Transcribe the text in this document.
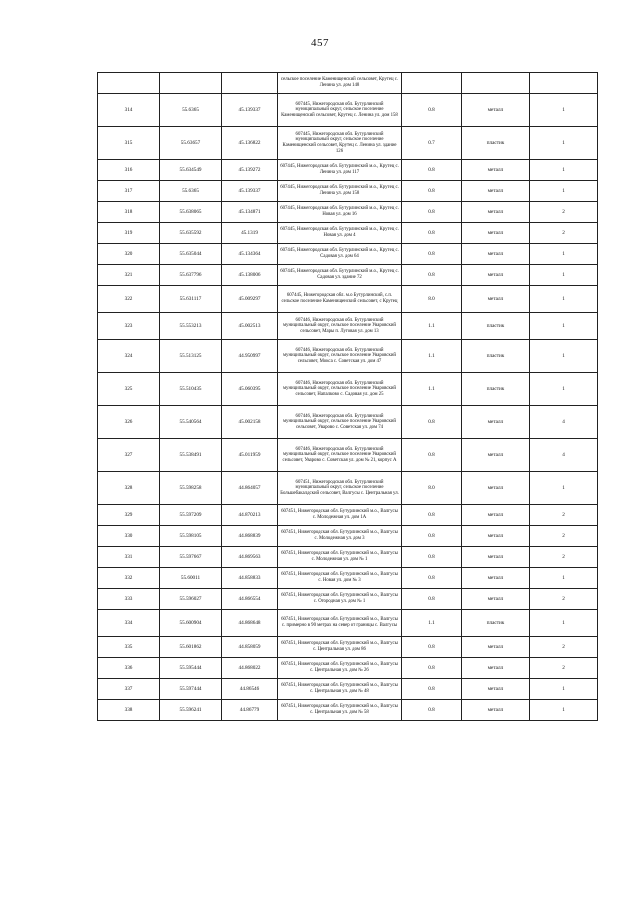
457
			сельское поселение Каменищенский сельсовет, Крутец с. Ленина ул. дом 148			
314	55.6365	45.139337	607445, Нижегородская обл. Бутурлинский муниципальный округ, сельское поселение Каменищенский сельсовет, Крутец с. Ленина ул. дом 158	0.8	металл	1
315	55.63657	45.136822	607445, Нижегородская обл. Бутурлинский муниципальный округ, сельское поселение Каменищенский сельсовет, Крутец с. Ленина ул. здание 126	0.7	пластик	1
316	55.634549	45.139272	607445, Нижегородская обл. Бутурлинский м.о., Крутец с. Ленина ул. дом 117	0.8	металл	1
317	55.6365	45.139337	607445, Нижегородская обл. Бутурлинский м.о., Крутец с. Ленина ул. дом 158	0.8	металл	1
318	55.638065	45.134871	607445, Нижегородская обл. Бутурлинский м.о., Крутец с. Новая ул. дом 16	0.8	металл	2
319	55.635592	45.1319	607445, Нижегородская обл. Бутурлинский м.о., Крутец с. Новая ул. дом 4	0.8	металл	2
320	55.635044	45.134364	607445, Нижегородская обл. Бутурлинский м.о., Крутец с. Садовая ул. дом 64	0.8	металл	1
321	55.637796	45.138006	607445, Нижегородская обл. Бутурлинский м.о., Крутец с. Садовая ул. здание 72	0.8	металл	1
322	55.631117	45.009297	607445, Нижегородская обл. м.о Бутурлинский, с.п. сельское поселение Каменищенский сельсовет, с Крутец	8.0	металл	1
323	55.553213	45.002513	607446, Нижегородская обл. Бутурлинский муниципальный округ, сельское поселение Уваровский сельсовет, Мары п. Луговая ул. дом 13	1.1	пластик	1
324	55.513125	44.950997	607446, Нижегородская обл. Бутурлинский муниципальный округ, сельское поселение Уваровский сельсовет, Мокса с. Советская ул. дом 47	1.1	пластик	1
325	55.510435	45.060395	607446, Нижегородская обл. Бутурлинский муниципальный округ, сельское поселение Уваровский сельсовет, Напалково с. Садовая ул. дом 25	1.1	пластик	1
326	55.540564	45.002158	607446, Нижегородская обл. Бутурлинский муниципальный округ, сельское поселение Уваровский сельсовет, Уварово с. Советская ул. дом 74	0.8	металл	4
327	55.538491	45.011959	607446, Нижегородская обл. Бутурлинский муниципальный округ, сельское поселение Уваровский сельсовет, Уварово с. Советская ул. дом № 21, корпус А	0.8	металл	4
328	55.598258	44.864057	607451, Нижегородская обл. Бутурлинский муниципальный округ, сельское поселение Большебакалдский сельсовет, Валгусы с. Центральная ул.	8.0	металл	1
329	55.597209	44.870213	607451, Нижегородская обл. Бутурлинский м.о., Валгусы с. Молодежная ул. дом 1А	0.8	металл	2
330	55.598105	44.868839	607451, Нижегородская обл. Бутурлинский м.о., Валгусы с. Молодежная ул. дом 3	0.8	металл	2
331	55.597667	44.869563	607451, Нижегородская обл. Бутурлинский м.о., Валгусы с. Молодежная ул. дом № 1	0.8	металл	2
332	55.60011	44.858833	607451, Нижегородская обл. Бутурлинский м.о., Валгусы с. Новая ул. дом № 3	0.8	металл	1
333	55.596027	44.866554	607451, Нижегородская обл. Бутурлинский м.о., Валгусы с. Огородная ул. дом № 1	0.8	металл	2
334	55.600904	44.868648	607451, Нижегородская обл. Бутурлинский м.о., Валгусы с. примерно в 90 метрах на север от границы с. Валгусы	1.1	пластик	1
335	55.601862	44.858059	607451, Нижегородская обл. Бутурлинский м.о., Валгусы с. Центральная ул. дом 86	0.8	металл	2
336	55.595444	44.868022	607451, Нижегородская обл. Бутурлинский м.о., Валгусы с. Центральная ул. дом № 26	0.8	металл	2
337	55.597444	44.86546	607451, Нижегородская обл. Бутурлинский м.о., Валгусы с. Центральная ул. дом № 48	0.8	металл	1
338	55.596241	44.86779	607451, Нижегородская обл. Бутурлинский м.о., Валгусы с. Центральная ул. дом № 58	0.8	металл	1
